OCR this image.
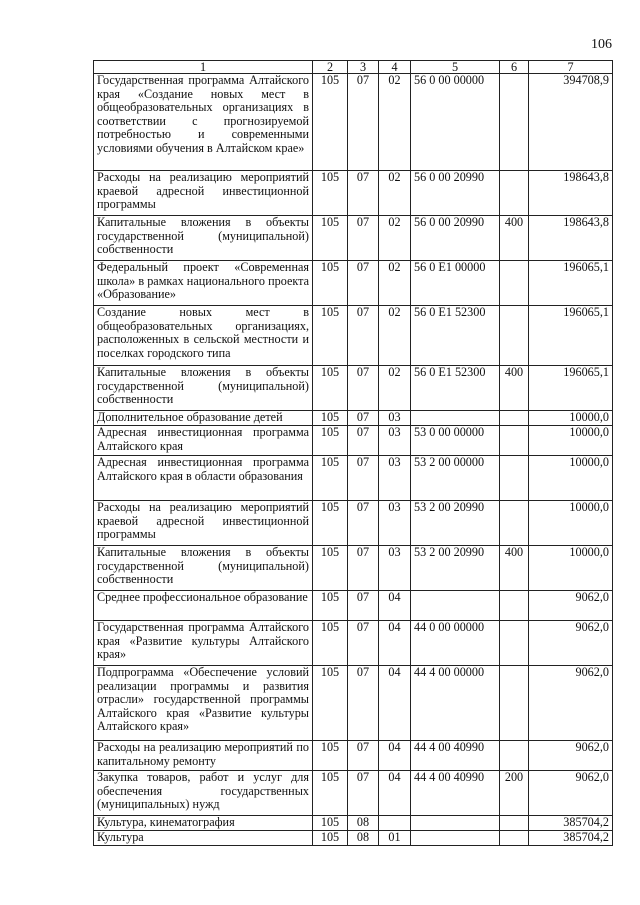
106
1	2	3	4	5	6	7
Государственная программа Алтайского края «Создание новых мест в общеобразовательных организациях в соответствии с прогнозируемой потребностью и современными условиями обучения в Алтайском крае»	105	07	02	56 0 00 00000		394708,9
Расходы на реализацию мероприятий краевой адресной инвестиционной программы	105	07	02	56 0 00 20990		198643,8
Капитальные вложения в объекты государственной (муниципальной) собственности	105	07	02	56 0 00 20990	400	198643,8
Федеральный проект «Современная школа» в рамках национального проекта «Образование»	105	07	02	56 0 E1 00000		196065,1
Создание новых мест в общеобразовательных организациях, расположенных в сельской местности и поселках городского типа	105	07	02	56 0 E1 52300		196065,1
Капитальные вложения в объекты государственной (муниципальной) собственности	105	07	02	56 0 E1 52300	400	196065,1
Дополнительное образование детей	105	07	03			10000,0
Адресная инвестиционная программа Алтайского края	105	07	03	53 0 00 00000		10000,0
Адресная инвестиционная программа Алтайского края в области образования	105	07	03	53 2 00 00000		10000,0
Расходы на реализацию мероприятий краевой адресной инвестиционной программы	105	07	03	53 2 00 20990		10000,0
Капитальные вложения в объекты государственной (муниципальной) собственности	105	07	03	53 2 00 20990	400	10000,0
Среднее профессиональное образование	105	07	04			9062,0
Государственная программа Алтайского края «Развитие культуры Алтайского края»	105	07	04	44 0 00 00000		9062,0
Подпрограмма «Обеспечение условий реализации программы и развития отрасли» государственной программы Алтайского края «Развитие культуры Алтайского края»	105	07	04	44 4 00 00000		9062,0
Расходы на реализацию мероприятий по капитальному ремонту	105	07	04	44 4 00 40990		9062,0
Закупка товаров, работ и услуг для обеспечения государственных (муниципальных) нужд	105	07	04	44 4 00 40990	200	9062,0
Культура, кинематография	105	08				385704,2
Культура	105	08	01			385704,2
